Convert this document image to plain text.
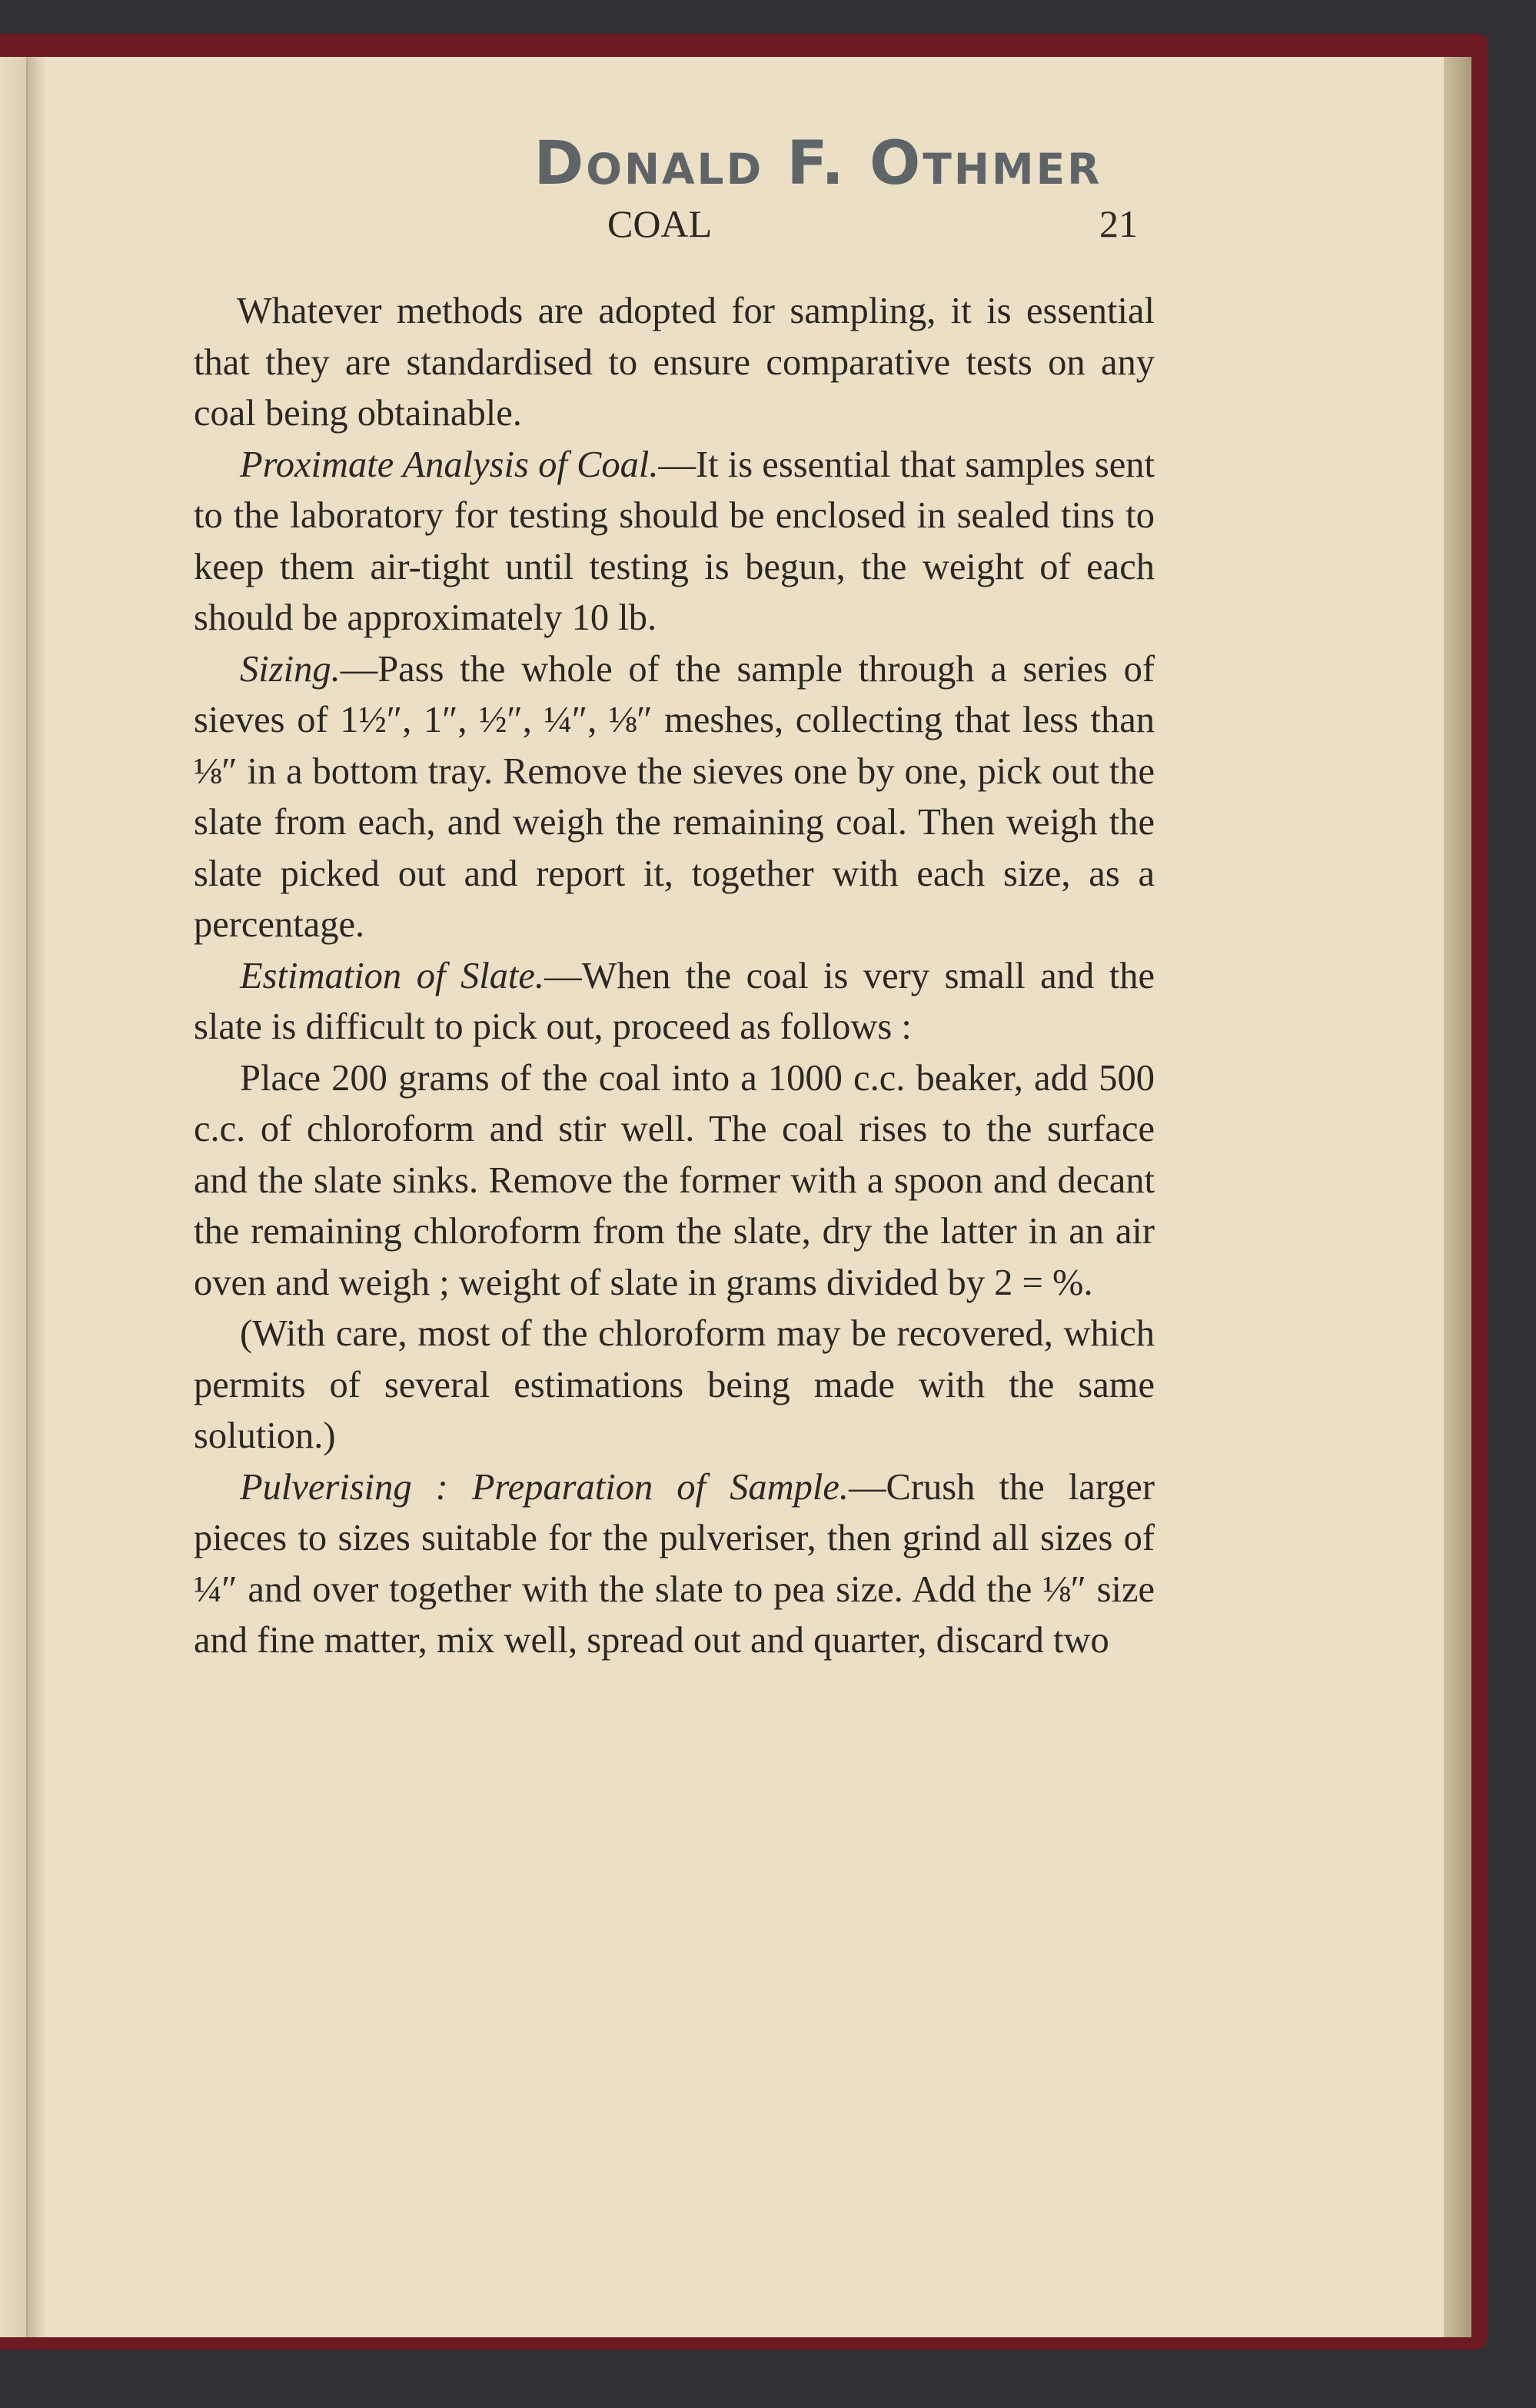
Donald F. Othmer
COAL	21

Whatever methods are adopted for sampling, it is essential that they are standardised to ensure comparative tests on any coal being obtainable.

Proximate Analysis of Coal.—It is essential that samples sent to the laboratory for testing should be enclosed in sealed tins to keep them air-tight until testing is begun, the weight of each should be approximately 10 lb.

Sizing.—Pass the whole of the sample through a series of sieves of 1½″, 1″, ½″, ¼″, ⅛″ meshes, collecting that less than ⅛″ in a bottom tray. Remove the sieves one by one, pick out the slate from each, and weigh the remaining coal. Then weigh the slate picked out and report it, together with each size, as a percentage.

Estimation of Slate.—When the coal is very small and the slate is difficult to pick out, proceed as follows :

Place 200 grams of the coal into a 1000 c.c. beaker, add 500 c.c. of chloroform and stir well. The coal rises to the surface and the slate sinks. Remove the former with a spoon and decant the remaining chloroform from the slate, dry the latter in an air oven and weigh ; weight of slate in grams divided by 2 = %.

(With care, most of the chloroform may be recovered, which permits of several estimations being made with the same solution.)

Pulverising : Preparation of Sample.—Crush the larger pieces to sizes suitable for the pulveriser, then grind all sizes of ¼″ and over together with the slate to pea size. Add the ⅛″ size and fine matter, mix well, spread out and quarter, discard two
